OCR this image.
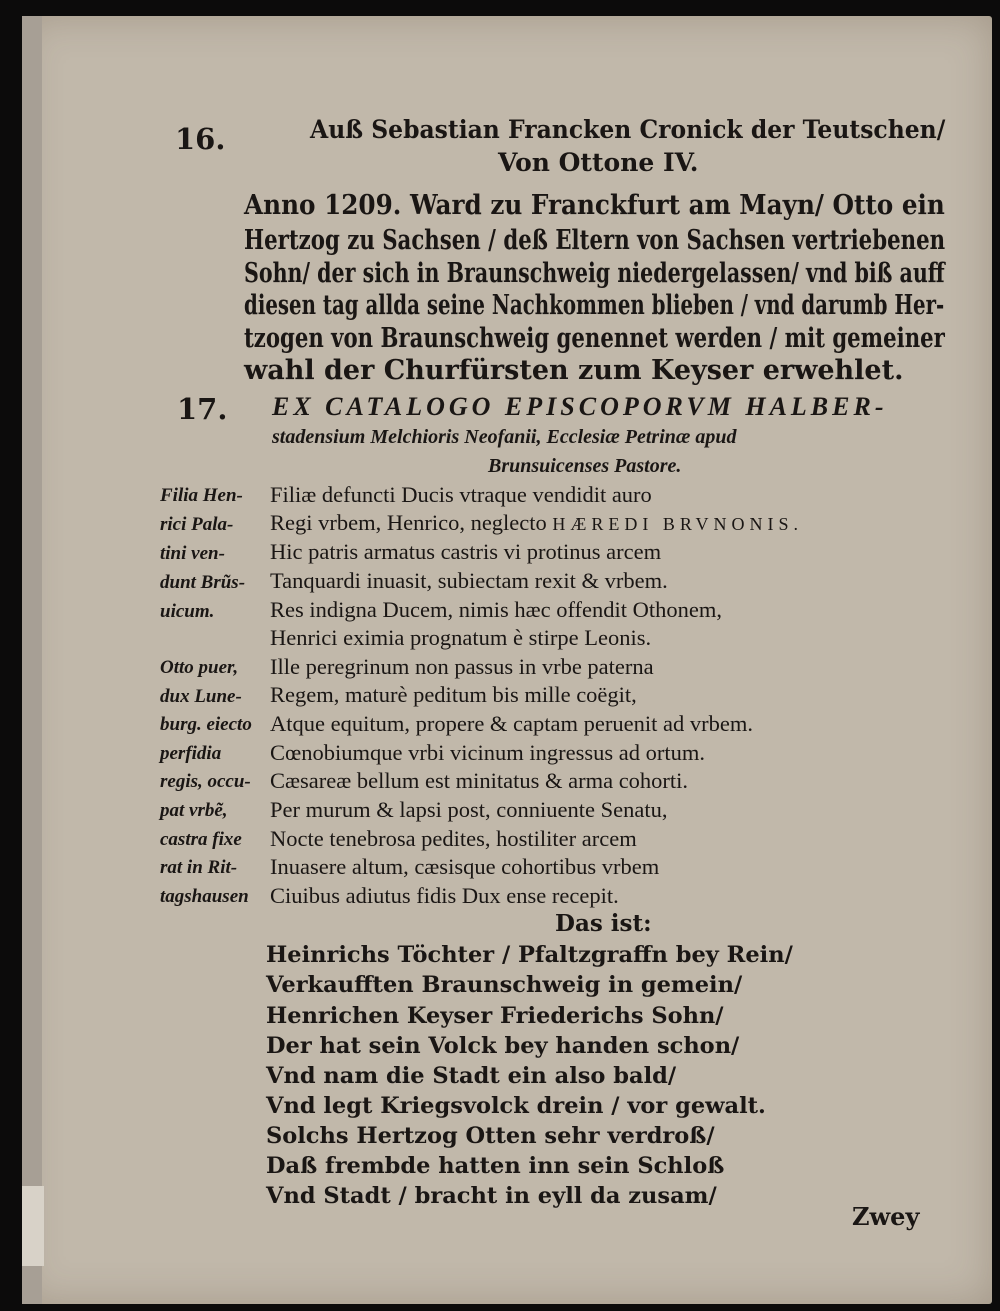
16.	Auß Sebastian Francken Cronick der Teutschen/
Von Ottone IV.
Anno 1209. Ward zu Franckfurt am Mayn/ Otto ein
Hertzog zu Sachsen / deß Eltern von Sachsen vertriebenen
Sohn/ der sich in Braunschweig niedergelassen/ vnd biß auff
diesen tag allda seine Nachkommen blieben / vnd darumb Her-
tzogen von Braunschweig genennet werden / mit gemeiner
wahl der Churfürsten zum Keyser erwehlet.
17. EX CATALOGO EPISCOPORVM HALBER-
stadensium Melchioris Neofanii, Ecclesiæ Petrinæ apud
Brunsuicenses Pastore.
Filia Hen-
rici Pala-
tini ven-
dunt Brũs-
uicum.
Otto puer,
dux Lune-
burg. eiecto
perfidia
regis, occu-
pat vrbẽ,
castra fixe
rat in Rit-
tagshausen
Filiæ defuncti Ducis vtraque vendidit auro
Regi vrbem, Henrico, neglecto HÆREDI BRVNONIS.
Hic patris armatus castris vi protinus arcem
Tanquardi inuasit, subiectam rexit & vrbem.
Res indigna Ducem, nimis hæc offendit Othonem,
Henrici eximia prognatum è stirpe Leonis.
Ille peregrinum non passus in vrbe paterna
Regem, maturè peditum bis mille coëgit,
Atque equitum, propere & captam peruenit ad vrbem.
Cœnobiumque vrbi vicinum ingressus ad ortum.
Cæsareæ bellum est minitatus & arma cohorti.
Per murum & lapsi post, conniuente Senatu,
Nocte tenebrosa pedites, hostiliter arcem
Inuasere altum, cæsisque cohortibus vrbem
Ciuibus adiutus fidis Dux ense recepit.
Das ist:
Heinrichs Töchter / Pfaltzgraffn bey Rein/
Verkaufften Braunschweig in gemein/
Henrichen Keyser Friederichs Sohn/
Der hat sein Volck bey handen schon/
Vnd nam die Stadt ein also bald/
Vnd legt Kriegsvolck drein / vor gewalt.
Solchs Hertzog Otten sehr verdroß/
Daß frembde hatten inn sein Schloß
Vnd Stadt / bracht in eyll da zusam/
Zwey
